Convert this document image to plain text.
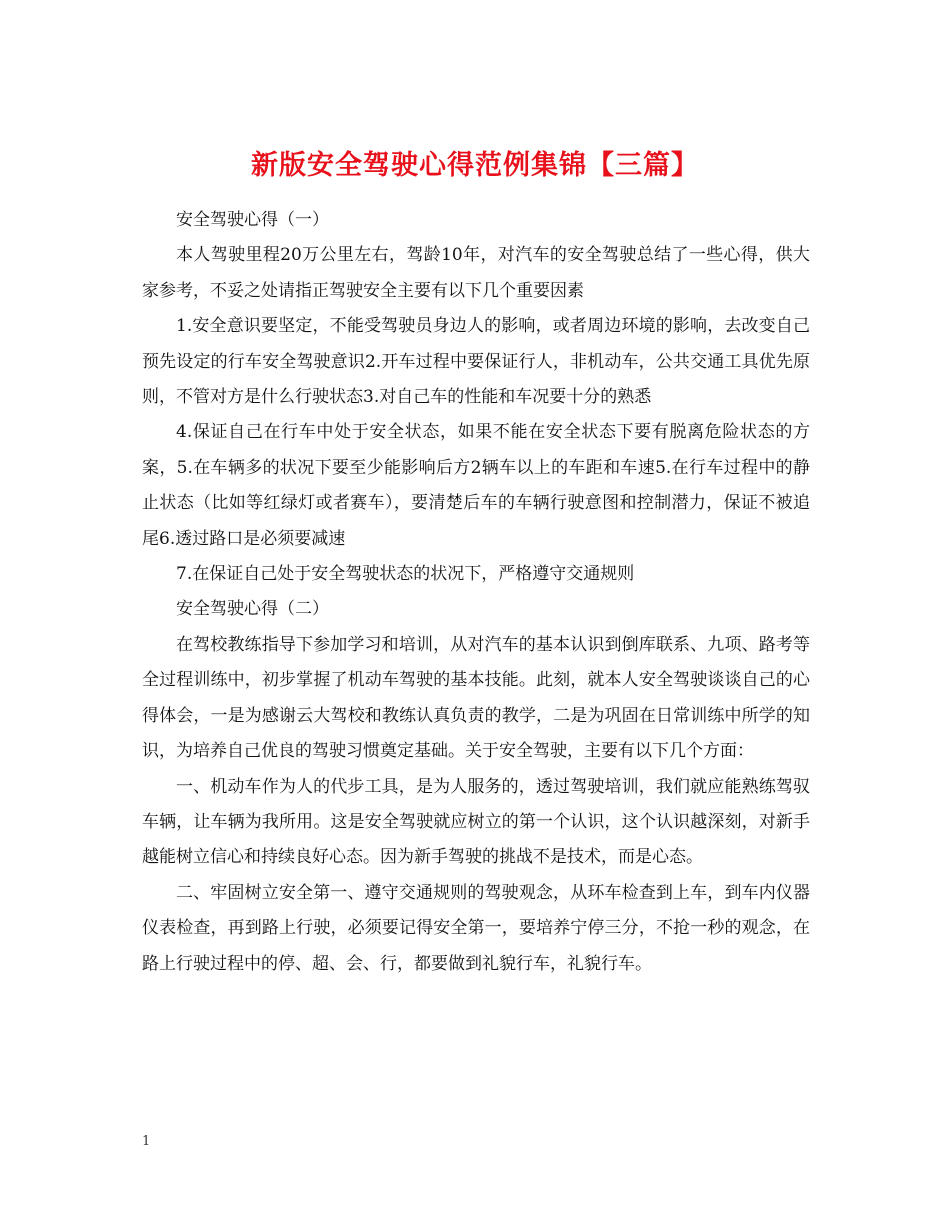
新版安全驾驶心得范例集锦【三篇】

安全驾驶心得（一）

本人驾驶里程20万公里左右，驾龄10年，对汽车的安全驾驶总结了一些心得，供大家参考，不妥之处请指正驾驶安全主要有以下几个重要因素

1.安全意识要坚定，不能受驾驶员身边人的影响，或者周边环境的影响，去改变自己预先设定的行车安全驾驶意识2.开车过程中要保证行人，非机动车，公共交通工具优先原则，不管对方是什么行驶状态3.对自己车的性能和车况要十分的熟悉

4.保证自己在行车中处于安全状态，如果不能在安全状态下要有脱离危险状态的方案，5.在车辆多的状况下要至少能影响后方2辆车以上的车距和车速5.在行车过程中的静止状态（比如等红绿灯或者赛车），要清楚后车的车辆行驶意图和控制潜力，保证不被追尾6.透过路口是必须要减速

7.在保证自己处于安全驾驶状态的状况下，严格遵守交通规则

安全驾驶心得（二）

在驾校教练指导下参加学习和培训，从对汽车的基本认识到倒库联系、九项、路考等全过程训练中，初步掌握了机动车驾驶的基本技能。此刻，就本人安全驾驶谈谈自己的心得体会，一是为感谢云大驾校和教练认真负责的教学，二是为巩固在日常训练中所学的知识，为培养自己优良的驾驶习惯奠定基础。关于安全驾驶，主要有以下几个方面：

一、机动车作为人的代步工具，是为人服务的，透过驾驶培训，我们就应能熟练驾驭车辆，让车辆为我所用。这是安全驾驶就应树立的第一个认识，这个认识越深刻，对新手越能树立信心和持续良好心态。因为新手驾驶的挑战不是技术，而是心态。

二、牢固树立安全第一、遵守交通规则的驾驶观念，从环车检查到上车，到车内仪器仪表检查，再到路上行驶，必须要记得安全第一，要培养宁停三分，不抢一秒的观念，在路上行驶过程中的停、超、会、行，都要做到礼貌行车，礼貌行车。

1
